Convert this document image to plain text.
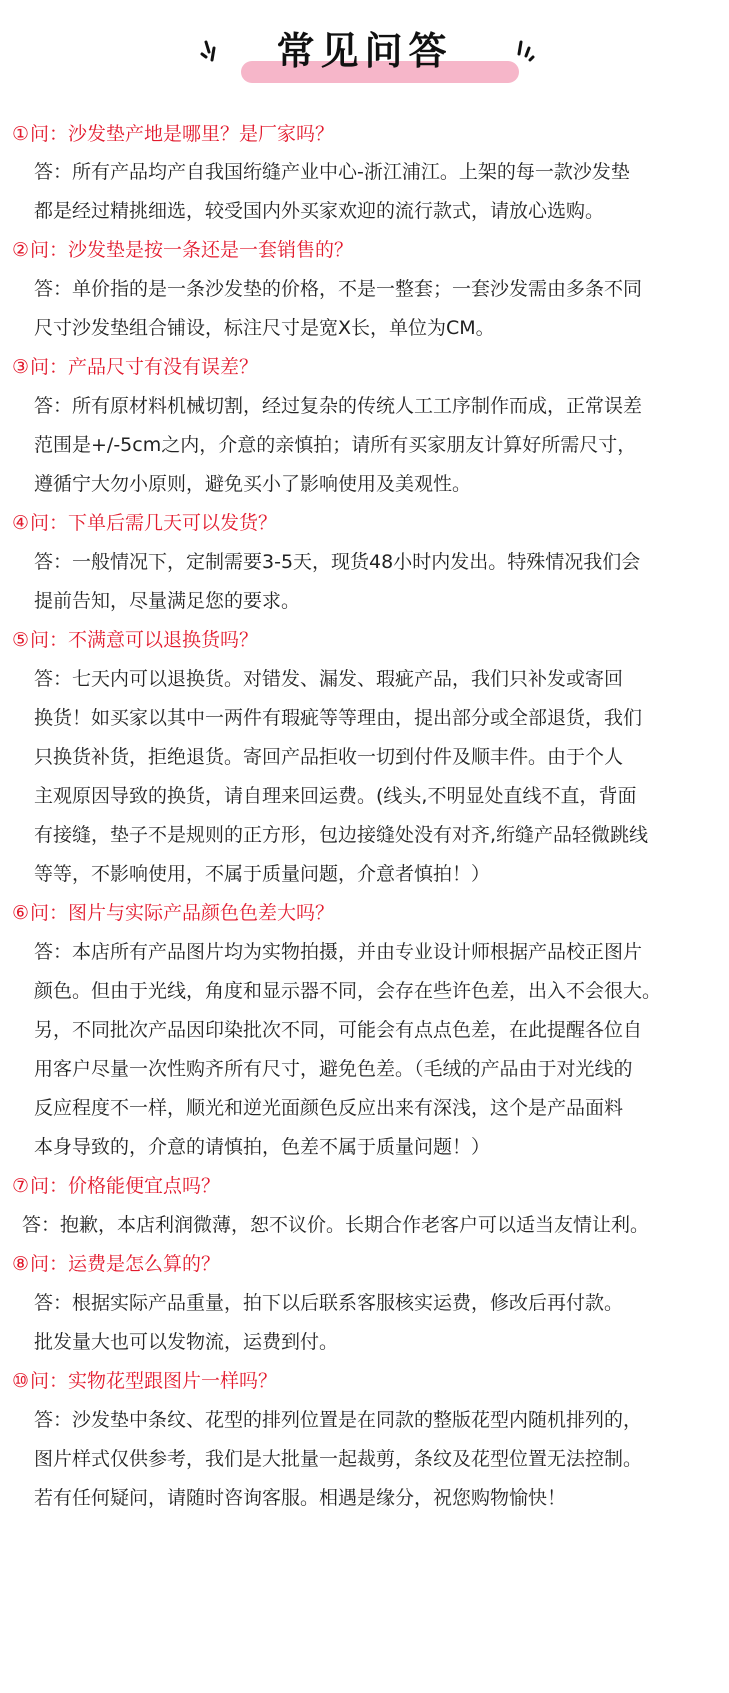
常见问答
①问：沙发垫产地是哪里？是厂家吗？
答：所有产品均产自我国绗缝产业中心-浙江浦江。上架的每一款沙发垫
都是经过精挑细选，较受国内外买家欢迎的流行款式，请放心选购。
②问：沙发垫是按一条还是一套销售的？
答：单价指的是一条沙发垫的价格，不是一整套；一套沙发需由多条不同
尺寸沙发垫组合铺设，标注尺寸是宽X长，单位为CM。
③问：产品尺寸有没有误差？
答：所有原材料机械切割，经过复杂的传统人工工序制作而成，正常误差
范围是+/-5cm之内，介意的亲慎拍；请所有买家朋友计算好所需尺寸，
遵循宁大勿小原则，避免买小了影响使用及美观性。
④问：下单后需几天可以发货？
答：一般情况下，定制需要3-5天，现货48小时内发出。特殊情况我们会
提前告知，尽量满足您的要求。
⑤问：不满意可以退换货吗？
答：七天内可以退换货。对错发、漏发、瑕疵产品，我们只补发或寄回
换货！如买家以其中一两件有瑕疵等等理由，提出部分或全部退货，我们
只换货补货，拒绝退货。寄回产品拒收一切到付件及顺丰件。由于个人
主观原因导致的换货，请自理来回运费。(线头,不明显处直线不直，背面
有接缝，垫子不是规则的正方形，包边接缝处没有对齐,绗缝产品轻微跳线
等等，不影响使用，不属于质量问题，介意者慎拍！）
⑥问：图片与实际产品颜色色差大吗？
答：本店所有产品图片均为实物拍摄，并由专业设计师根据产品校正图片
颜色。但由于光线，角度和显示器不同，会存在些许色差，出入不会很大。
另，不同批次产品因印染批次不同，可能会有点点色差，在此提醒各位自
用客户尽量一次性购齐所有尺寸，避免色差。（毛绒的产品由于对光线的
反应程度不一样，顺光和逆光面颜色反应出来有深浅，这个是产品面料
本身导致的，介意的请慎拍，色差不属于质量问题！）
⑦问：价格能便宜点吗？
答：抱歉，本店利润微薄，恕不议价。长期合作老客户可以适当友情让利。
⑧问：运费是怎么算的？
答：根据实际产品重量，拍下以后联系客服核实运费，修改后再付款。
批发量大也可以发物流，运费到付。
⑩问：实物花型跟图片一样吗？
答：沙发垫中条纹、花型的排列位置是在同款的整版花型内随机排列的，
图片样式仅供参考，我们是大批量一起裁剪，条纹及花型位置无法控制。
若有任何疑问，请随时咨询客服。相遇是缘分，祝您购物愉快！
